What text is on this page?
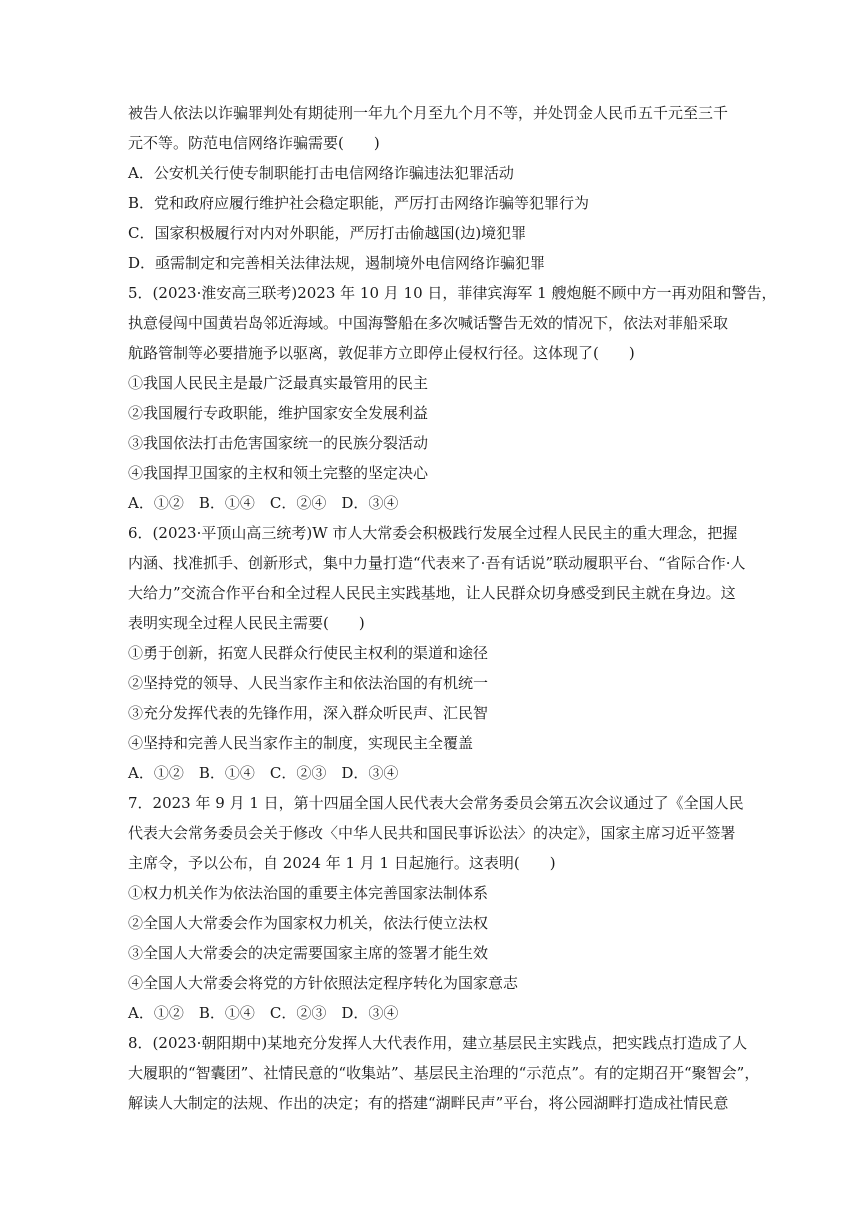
被告人依法以诈骗罪判处有期徒刑一年九个月至九个月不等，并处罚金人民币五千元至三千
元不等。防范电信网络诈骗需要(　　)
A．公安机关行使专制职能打击电信网络诈骗违法犯罪活动
B．党和政府应履行维护社会稳定职能，严厉打击网络诈骗等犯罪行为
C．国家积极履行对内对外职能，严厉打击偷越国(边)境犯罪
D．亟需制定和完善相关法律法规，遏制境外电信网络诈骗犯罪
5．(2023·淮安高三联考)2023 年 10 月 10 日，菲律宾海军 1 艘炮艇不顾中方一再劝阻和警告，
执意侵闯中国黄岩岛邻近海域。中国海警船在多次喊话警告无效的情况下，依法对菲船采取
航路管制等必要措施予以驱离，敦促菲方立即停止侵权行径。这体现了(　　)
①我国人民民主是最广泛最真实最管用的民主
②我国履行专政职能，维护国家安全发展利益
③我国依法打击危害国家统一的民族分裂活动
④我国捍卫国家的主权和领土完整的坚定决心
A．①②　B．①④　C．②④　D．③④
6．(2023·平顶山高三统考)W 市人大常委会积极践行发展全过程人民民主的重大理念，把握
内涵、找准抓手、创新形式，集中力量打造“代表来了·吾有话说”联动履职平台、“省际合作·人
大给力”交流合作平台和全过程人民民主实践基地，让人民群众切身感受到民主就在身边。这
表明实现全过程人民民主需要(　　)
①勇于创新，拓宽人民群众行使民主权利的渠道和途径
②坚持党的领导、人民当家作主和依法治国的有机统一
③充分发挥代表的先锋作用，深入群众听民声、汇民智
④坚持和完善人民当家作主的制度，实现民主全覆盖
A．①②　B．①④　C．②③　D．③④
7．2023 年 9 月 1 日，第十四届全国人民代表大会常务委员会第五次会议通过了《全国人民
代表大会常务委员会关于修改〈中华人民共和国民事诉讼法〉的决定》，国家主席习近平签署
主席令，予以公布，自 2024 年 1 月 1 日起施行。这表明(　　)
①权力机关作为依法治国的重要主体完善国家法制体系
②全国人大常委会作为国家权力机关，依法行使立法权
③全国人大常委会的决定需要国家主席的签署才能生效
④全国人大常委会将党的方针依照法定程序转化为国家意志
A．①②　B．①④　C．②③　D．③④
8．(2023·朝阳期中)某地充分发挥人大代表作用，建立基层民主实践点，把实践点打造成了人
大履职的“智囊团”、社情民意的“收集站”、基层民主治理的“示范点”。有的定期召开“聚智会”，
解读人大制定的法规、作出的决定；有的搭建“湖畔民声”平台，将公园湖畔打造成社情民意
